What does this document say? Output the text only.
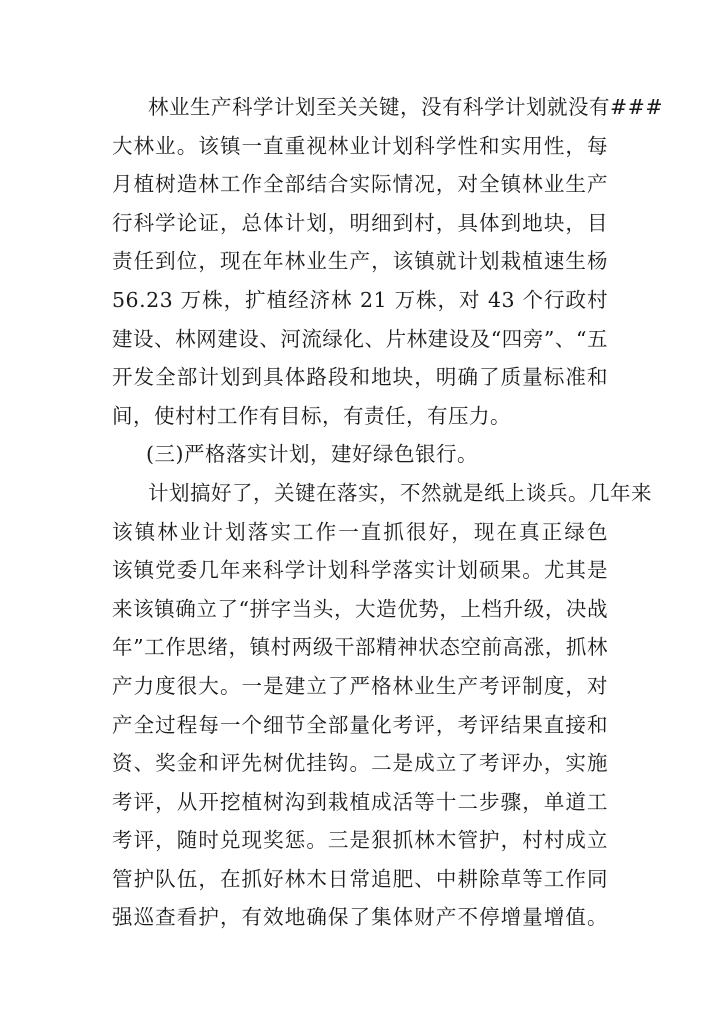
林业生产科学计划至关关键，没有科学计划就没有###
大林业。该镇一直重视林业计划科学性和实用性，每
月植树造林工作全部结合实际情况，对全镇林业生产
行科学论证，总体计划，明细到村，具体到地块，目
责任到位，现在年林业生产，该镇就计划栽植速生杨
56.23 万株，扩植经济林 21 万株，对 43 个行政村
建设、林网建设、河流绿化、片林建设及“四旁”、“五
开发全部计划到具体路段和地块，明确了质量标准和
间，使村村工作有目标，有责任，有压力。
(三)严格落实计划，建好绿色银行。
计划搞好了，关键在落实，不然就是纸上谈兵。几年来
该镇林业计划落实工作一直抓很好，现在真正绿色
该镇党委几年来科学计划科学落实计划硕果。尤其是
来该镇确立了“拼字当头，大造优势，上档升级，决战
年”工作思绪，镇村两级干部精神状态空前高涨，抓林
产力度很大。一是建立了严格林业生产考评制度，对
产全过程每一个细节全部量化考评，考评结果直接和
资、奖金和评先树优挂钩。二是成立了考评办，实施
考评，从开挖植树沟到栽植成活等十二步骤，单道工
考评，随时兑现奖惩。三是狠抓林木管护，村村成立
管护队伍，在抓好林木日常追肥、中耕除草等工作同
强巡查看护，有效地确保了集体财产不停增量增值。
